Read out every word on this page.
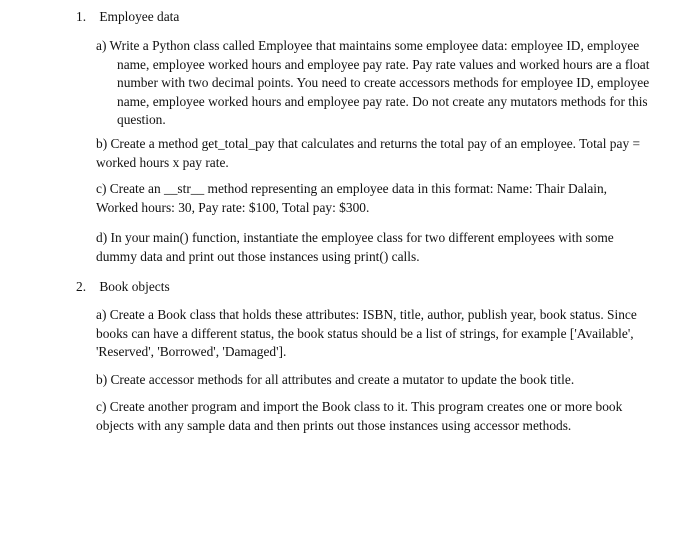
1. Employee data

a) Write a Python class called Employee that maintains some employee data: employee ID, employee name, employee worked hours and employee pay rate. Pay rate values and worked hours are a float number with two decimal points. You need to create accessors methods for employee ID, employee name, employee worked hours and employee pay rate. Do not create any mutators methods for this question.

b) Create a method get_total_pay that calculates and returns the total pay of an employee. Total pay = worked hours x pay rate.

c) Create an __str__ method representing an employee data in this format: Name: Thair Dalain, Worked hours: 30, Pay rate: $100, Total pay: $300.

d) In your main() function, instantiate the employee class for two different employees with some dummy data and print out those instances using print() calls.

2. Book objects

a) Create a Book class that holds these attributes: ISBN, title, author, publish year, book status. Since books can have a different status, the book status should be a list of strings, for example ['Available', 'Reserved', 'Borrowed', 'Damaged'].

b) Create accessor methods for all attributes and create a mutator to update the book title.

c) Create another program and import the Book class to it. This program creates one or more book objects with any sample data and then prints out those instances using accessor methods.
